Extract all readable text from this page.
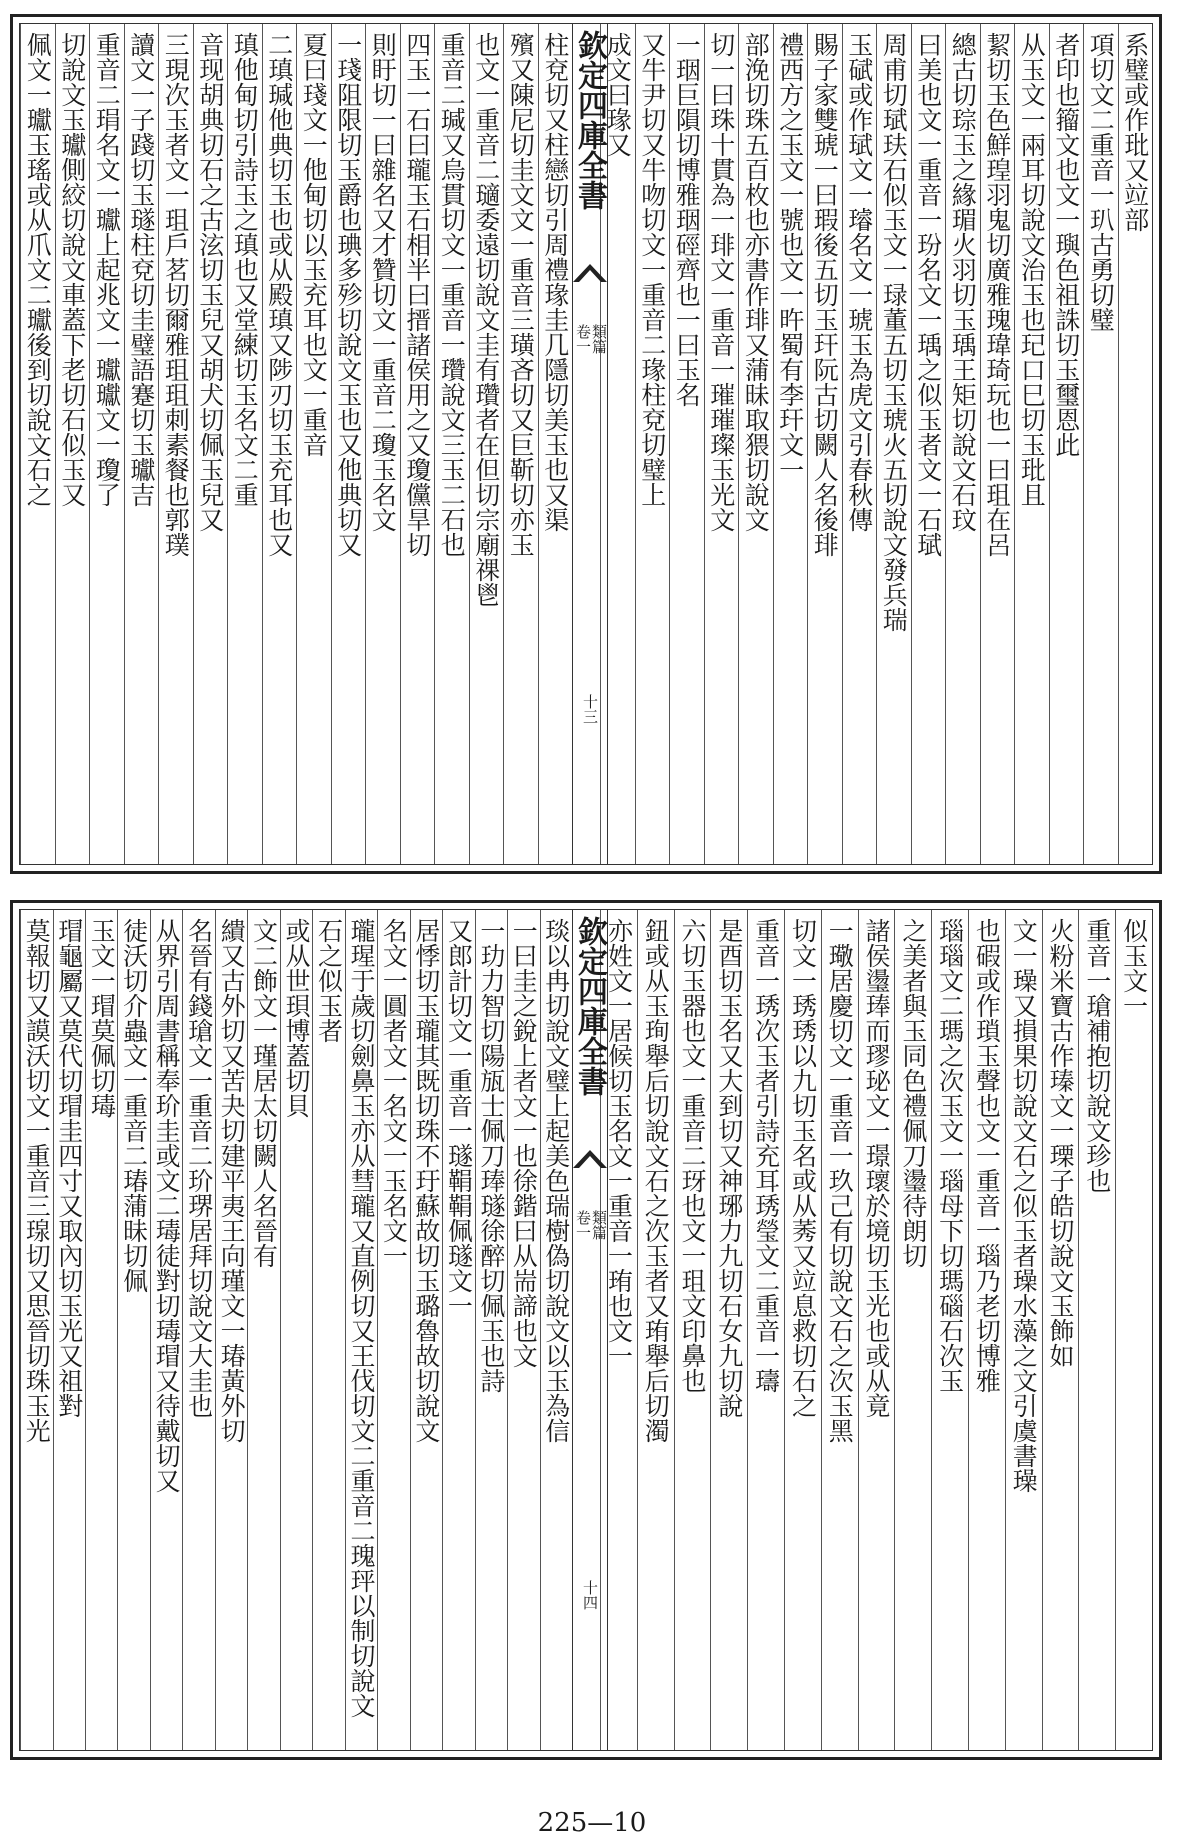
系璧或作玭又竝部
項切文二重音一玐古勇切璧
者印也籀文也文一璵色祖誅切玉璽恩此
从玉文一兩耳切說文治玉也玘口巳切玉玭且
絜切玉色鮮瑝羽鬼切廣雅瑰瑋琦玩也一曰珇在呂
總古切琮玉之緣瑂火羽切玉瑀王矩切說文石玟
曰美也文一重音一玢名文一瑀之似玉者文一石珷
周甫切珷玞石似玉文一琭董五切玉琥火五切說文發兵瑞
玉碔或作珷文一璿名文一琥玉為虎文引春秋傳
賜子家雙琥一曰瑕後五切玉玕阮古切闕人名後琲
禮西方之玉文一號也文一旿蜀有李玕文一
部浼切珠五百枚也亦書作琲又蒲昧取猥切說文
切一曰珠十貫為一琲文一重音一璀璀璨玉光文
一珚巨隕切博雅珚硜齊也一曰玉名
又牛尹切又牛吻切文一重音二瑑柱兗切璧上
成文曰瑑又
欽定四庫全書
類篇
卷一
十三
柱兗切又柱戀切引周禮瑑圭几隱切美玉也又渠
殯又陳尼切圭文文一重音三璜吝切又巨靳切亦玉
也文一重音二瓋委遠切說文圭有瓚者在但切宗廟祼鬯
重音二瑊又烏貫切文一重音一瓚說文三玉二石也
四玉一石曰瓏玉石相半曰搢諸侯用之又瓊儻旱切
則盱切一曰雜名又才贊切文一重音二瓊玉名文
一琖阻限切玉爵也琠多殄切說文玉也又他典切又
夏曰琖文一他甸切以玉充耳也文一重音
二瑱瑊他典切玉也或从殿瑱又陟刃切玉充耳也又
瑱他甸切引詩玉之瑱也又堂練切玉名文二重
音现胡典切石之古泫切玉兒又胡犬切佩玉兒又
三現次玉者文一珇戶茗切爾雅珇珇刺素餐也郭璞
讀文一子踐切玉璲柱兗切圭璧語蹇切玉瓛吉
重音二琄名文一瓛上起兆文一瓛瓛文一瓊了
切說文玉瓛側絞切說文車蓋下老切石似玉又
佩文一瓛玉瑤或从爪文二瓛後到切說文石之
似玉文一
重音一瑲補抱切說文珍也
火粉米寶古作瑧文一瑮子皓切說文玉飾如
文一璪又損果切說文石之似玉者璪水藻之文引虞書璪
也碬或作瑣玉聲也文一重音一瑙乃老切博雅
瑙瑙文二瑪之次玉文一瑙母下切瑪碯石次玉
之美者與玉同色禮佩刀璗待朗切
諸侯璗琫而璆珌文一璟瓌於境切玉光也或从竟
一璥居慶切文一重音一玖己有切說文石之次玉黑
切文一琇琇以九切玉名或从莠又竝息救切石之
重音一琇次玉者引詩充耳琇瑩文二重音一璹
是酉切玉名又大到切又神琊力九切石女九切說
六切玉器也文一重音二玡也文一珇文印鼻也
鈕或从玉珣舉后切說文石之次玉者又珛舉后切濁
亦姓文一居候切玉名文一重音一珛也文一
欽定四庫全書
類篇
卷一
十四
琰以冉切說文璧上起美色瑞樹偽切說文以玉為信
一曰圭之銳上者文一也徐鍇曰从耑諦也文
一玏力智切陽瓬士佩刀琫璲徐醉切佩玉也詩
又郎計切文一重音一璲鞙鞙佩璲文一
居悸切玉瓏其既切珠不玗蘇故切玉璐魯故切說文
名文一圓者文一名文一玉名文一
瓏瑆于歲切劍鼻玉亦从彗瓏又直例切又王伐切文二重音二瑰玶以制切說文
石之似玉者
或从世珼博蓋切貝
文二飾文一瑾居太切闕人名晉有
繢又古外切又苦夬切建平夷王向瑾文一瑃黃外切
名晉有錢瑲文一重音二玠琾居拜切說文大圭也
从界引周書稱奉玠圭或文二瑇徒對切瑇瑁又待戴切又
徒沃切介蟲文一重音二瑃蒲昧切佩
玉文一瑁莫佩切瑇
瑁龜屬又莫代切瑁圭四寸又取內切玉光又祖對
莫報切又謨沃切文一重音三瑔切又思晉切珠玉光
225—10
